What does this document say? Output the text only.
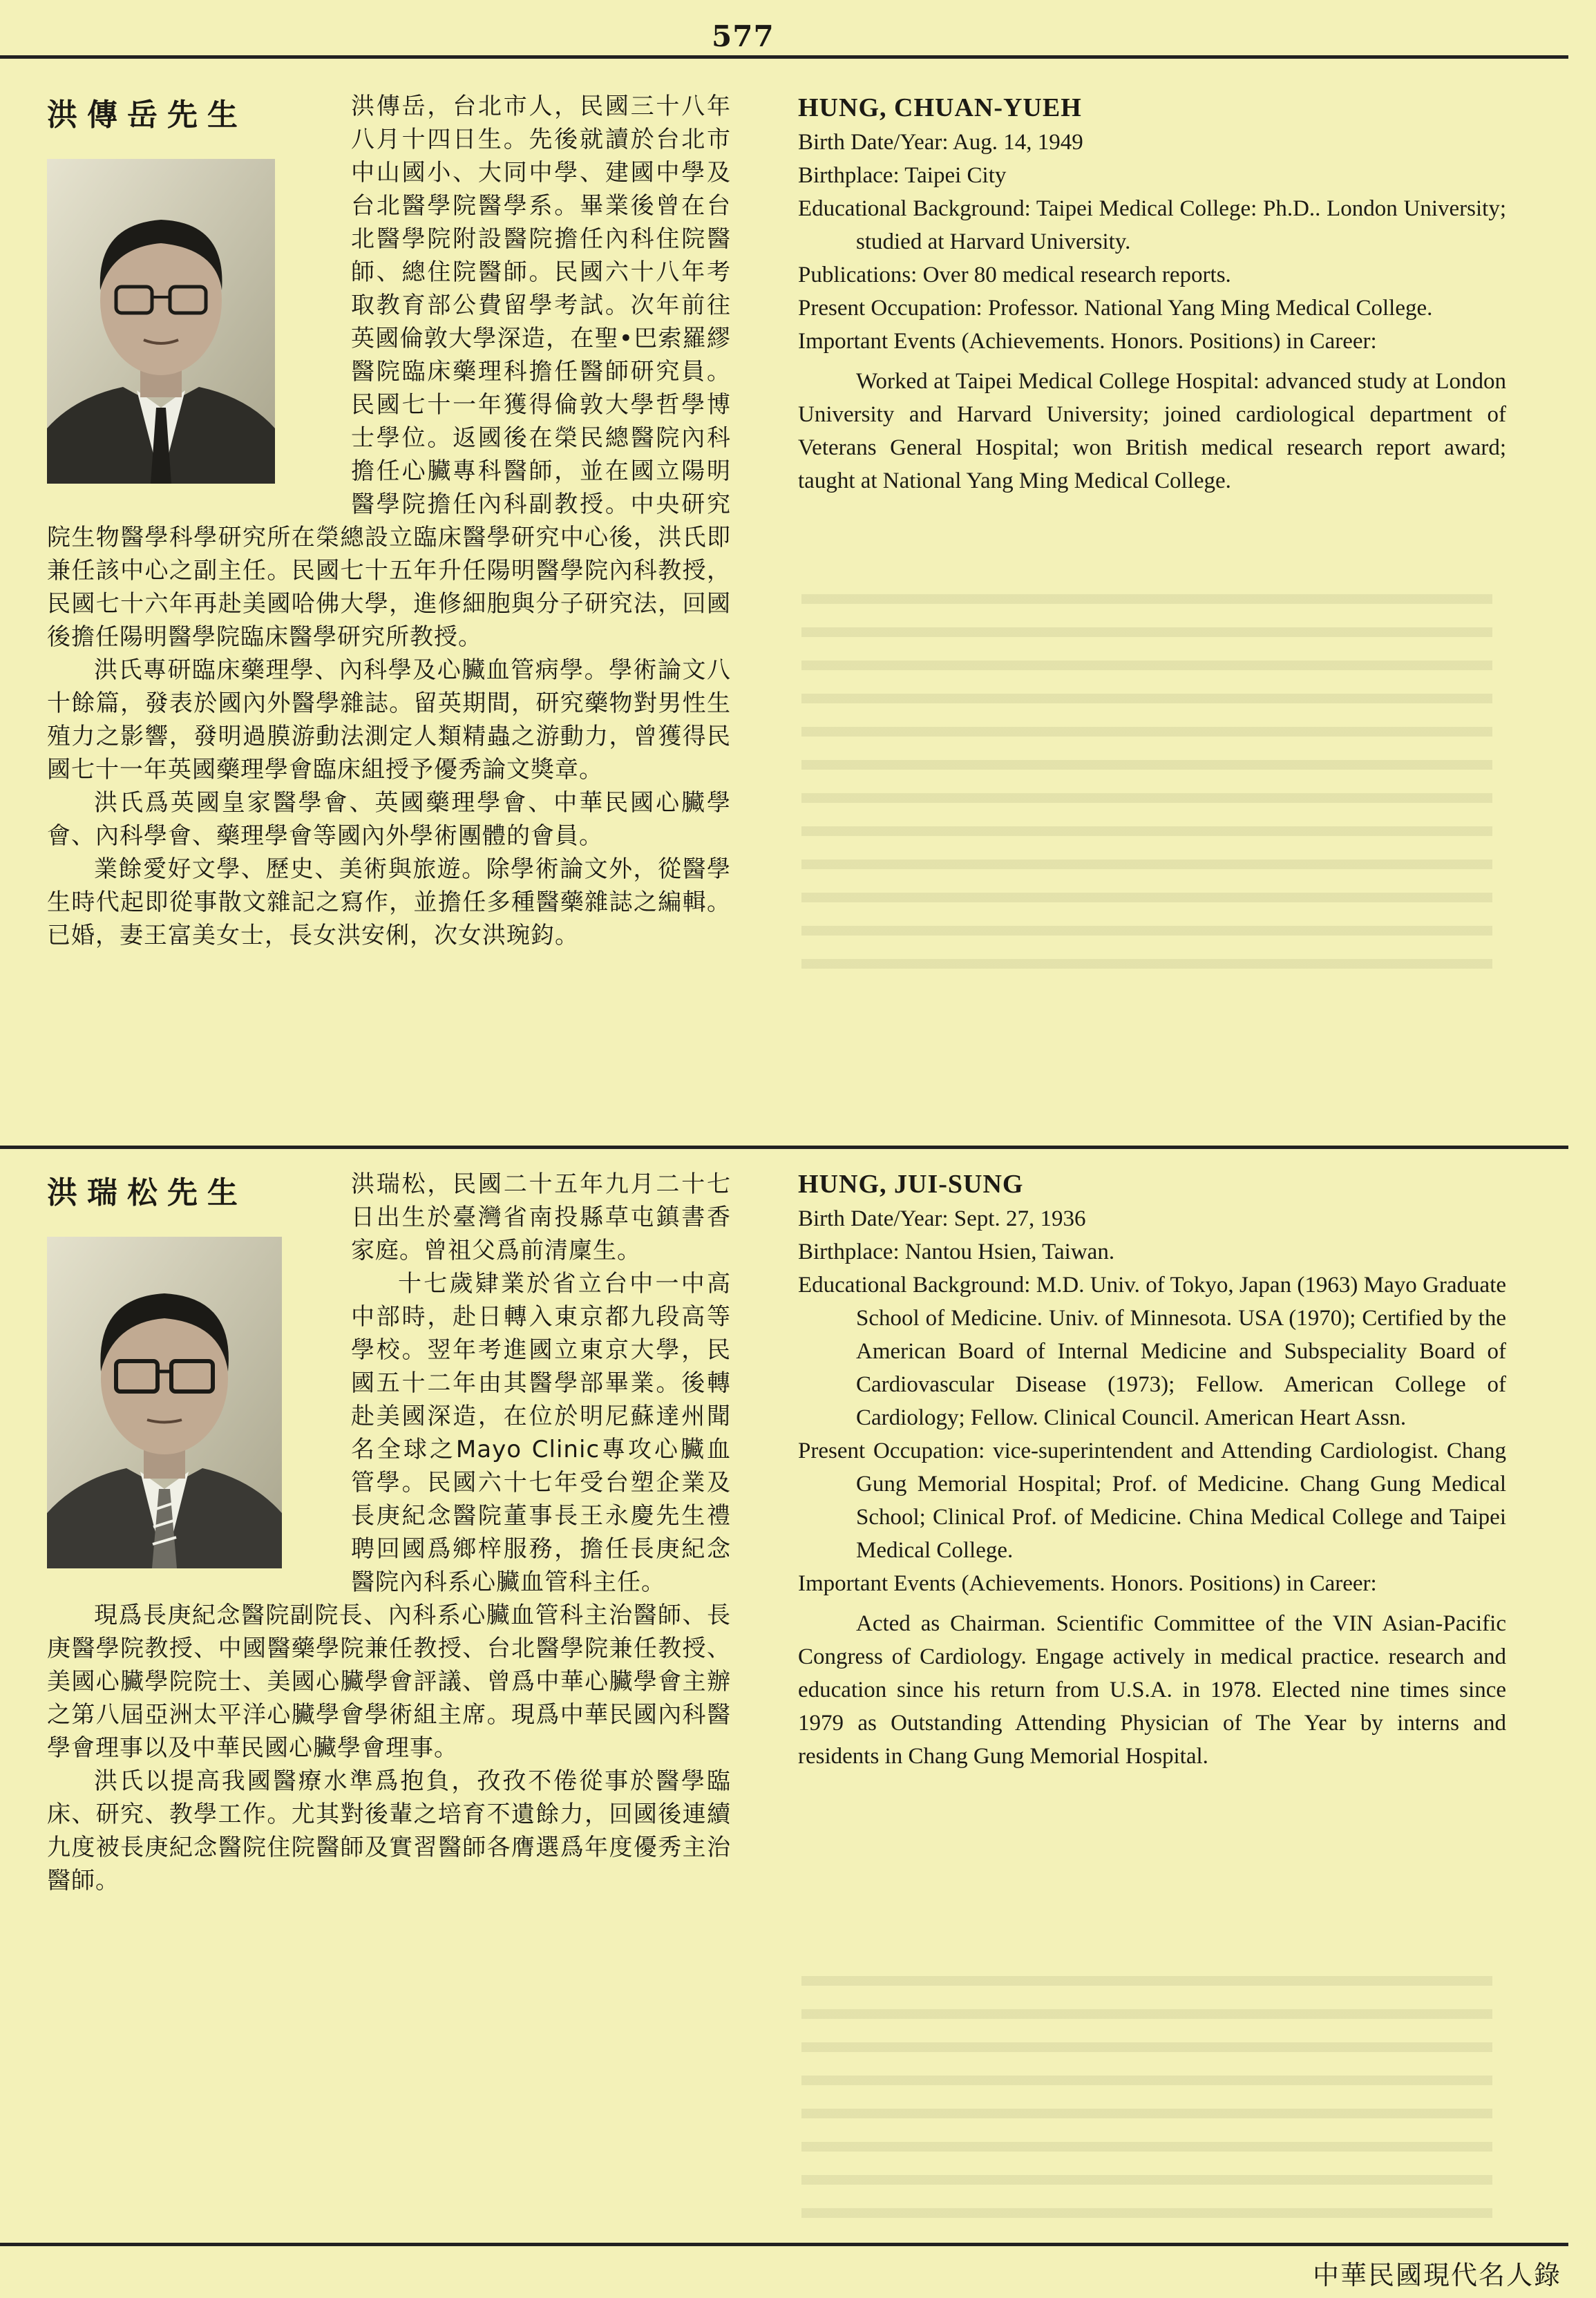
577

洪傳岳，台北市人，民國三十八年八月十四日生。先後就讀於台北市中山國小、大同中學、建國中學及台北醫學院醫學系。畢業後曾在台北醫學院附設醫院擔任內科住院醫師、總住院醫師。民國六十八年考取教育部公費留學考試。次年前往英國倫敦大學深造，在聖•巴索羅繆醫院臨床藥理科擔任醫師研究員。民國七十一年獲得倫敦大學哲學博士學位。返國後在榮民總醫院內科擔任心臟專科醫師，並在國立陽明醫學院擔任內科副教授。中央研究院生物醫學科學研究所在榮總設立臨床醫學研究中心後，洪氏即兼任該中心之副主任。民國七十五年升任陽明醫學院內科教授，民國七十六年再赴美國哈佛大學，進修細胞與分子研究法，回國後擔任陽明醫學院臨床醫學研究所教授。

洪氏專研臨床藥理學、內科學及心臟血管病學。學術論文八十餘篇，發表於國內外醫學雜誌。留英期間，研究藥物對男性生殖力之影響，發明過膜游動法測定人類精蟲之游動力，曾獲得民國七十一年英國藥理學會臨床組授予優秀論文獎章。

洪氏爲英國皇家醫學會、英國藥理學會、中華民國心臟學會、內科學會、藥理學會等國內外學術團體的會員。

業餘愛好文學、歷史、美術與旅遊。除學術論文外，從醫學生時代起即從事散文雜記之寫作，並擔任多種醫藥雜誌之編輯。已婚，妻王富美女士，長女洪安俐，次女洪琬鈞。

洪傳岳先生	HUNG, CHUAN-YUEH
Birth Date/Year: Aug. 14, 1949
Birthplace: Taipei City
Educational Background: Taipei Medical College: Ph.D.. London University; studied at Harvard University.
Publications: Over 80 medical research reports.
Present Occupation: Professor. National Yang Ming Medical College.
Important Events (Achievements. Honors. Positions) in Career:
Worked at Taipei Medical College Hospital: advanced study at London University and Harvard University; joined cardiological department of Veterans General Hospital; won British medical research report award; taught at National Yang Ming Medical College.

洪瑞松，民國二十五年九月二十七日出生於臺灣省南投縣草屯鎮書香家庭。曾祖父爲前清廩生。

十七歲肄業於省立台中一中高中部時，赴日轉入東京都九段高等學校。翌年考進國立東京大學，民國五十二年由其醫學部畢業。後轉赴美國深造，在位於明尼蘇達州聞名全球之Mayo Clinic專攻心臟血管學。民國六十七年受台塑企業及長庚紀念醫院董事長王永慶先生禮聘回國爲鄉梓服務，擔任長庚紀念醫院內科系心臟血管科主任。

現爲長庚紀念醫院副院長、內科系心臟血管科主治醫師、長庚醫學院教授、中國醫藥學院兼任教授、台北醫學院兼任教授、美國心臟學院院士、美國心臟學會評議、曾爲中華心臟學會主辦之第八屆亞洲太平洋心臟學會學術組主席。現爲中華民國內科醫學會理事以及中華民國心臟學會理事。

洪氏以提高我國醫療水準爲抱負，孜孜不倦從事於醫學臨床、研究、教學工作。尤其對後輩之培育不遺餘力，回國後連續九度被長庚紀念醫院住院醫師及實習醫師各膺選爲年度優秀主治醫師。

洪瑞松先生	HUNG, JUI-SUNG
Birth Date/Year: Sept. 27, 1936
Birthplace: Nantou Hsien, Taiwan.
Educational Background: M.D. Univ. of Tokyo, Japan (1963) Mayo Graduate School of Medicine. Univ. of Minnesota. USA (1970); Certified by the American Board of Internal Medicine and Subspeciality Board of Cardiovascular Disease (1973); Fellow. American College of Cardiology; Fellow. Clinical Council. American Heart Assn.
Present Occupation: vice-superintendent and Attending Cardiologist. Chang Gung Memorial Hospital; Prof. of Medicine. Chang Gung Medical School; Clinical Prof. of Medicine. China Medical College and Taipei Medical College.
Important Events (Achievements. Honors. Positions) in Career:
Acted as Chairman. Scientific Committee of the VIN Asian-Pacific Congress of Cardiology. Engage actively in medical practice. research and education since his return from U.S.A. in 1978. Elected nine times since 1979 as Outstanding Attending Physician of The Year by interns and residents in Chang Gung Memorial Hospital.
中華民國現代名人錄
